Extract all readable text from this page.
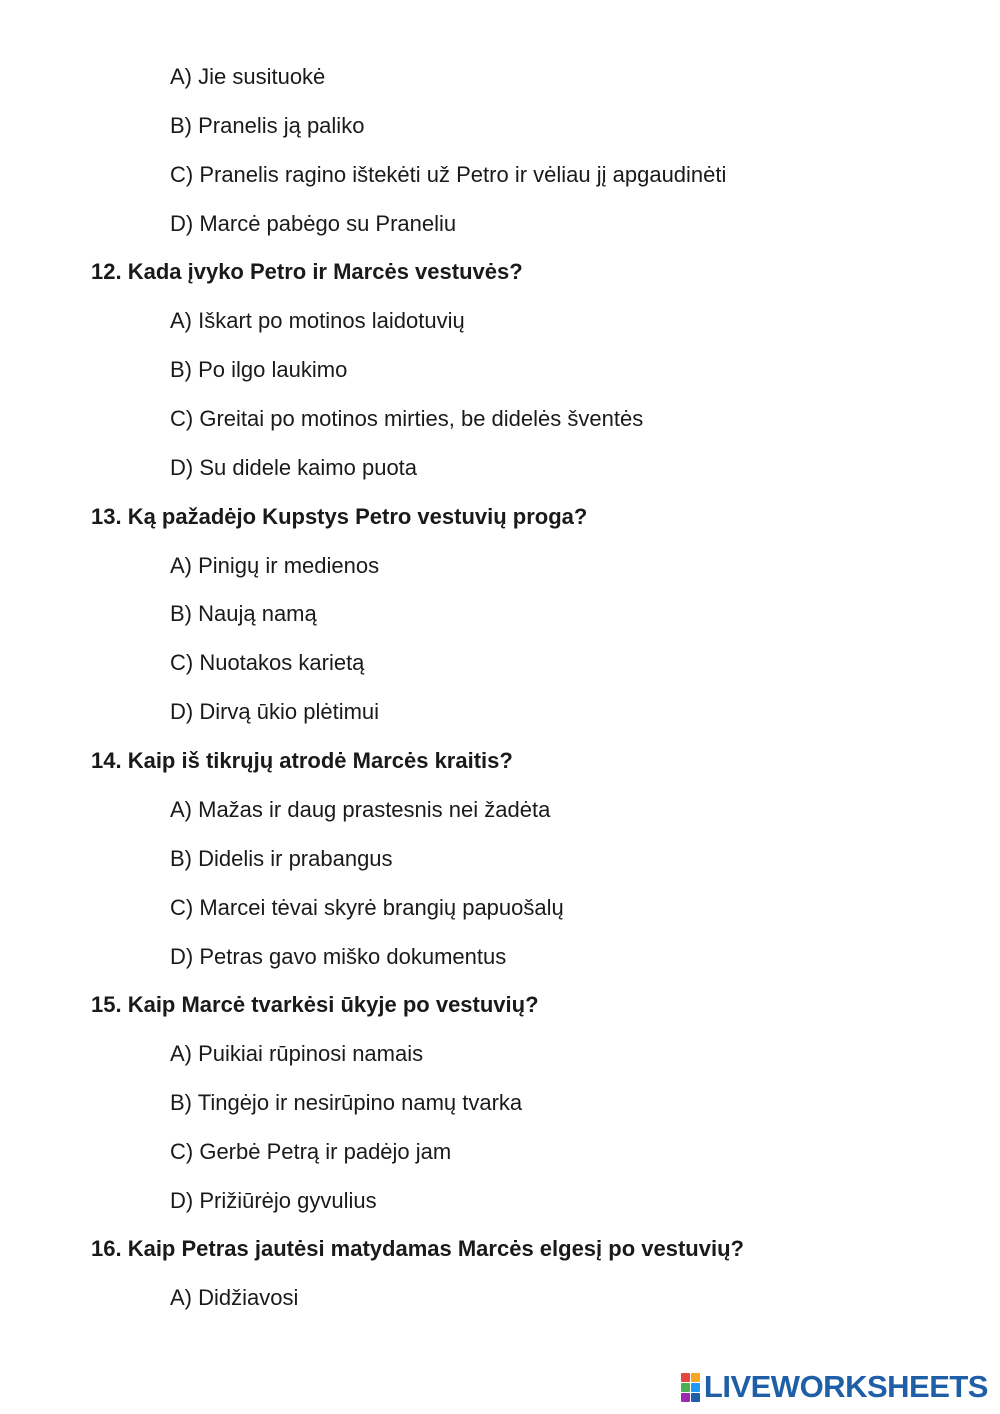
A) Jie susituokė
B) Pranelis ją paliko
C) Pranelis ragino ištekėti už Petro ir vėliau jį apgaudinėti
D) Marcė pabėgo su Praneliu
12. Kada įvyko Petro ir Marcės vestuvės?
A) Iškart po motinos laidotuvių
B) Po ilgo laukimo
C) Greitai po motinos mirties, be didelės šventės
D) Su didele kaimo puota
13. Ką pažadėjo Kupstys Petro vestuvių proga?
A) Pinigų ir medienos
B) Naują namą
C) Nuotakos karietą
D) Dirvą ūkio plėtimui
14. Kaip iš tikrųjų atrodė Marcės kraitis?
A) Mažas ir daug prastesnis nei žadėta
B) Didelis ir prabangus
C) Marcei tėvai skyrė brangių papuošalų
D) Petras gavo miško dokumentus
15. Kaip Marcė tvarkėsi ūkyje po vestuvių?
A) Puikiai rūpinosi namais
B) Tingėjo ir nesirūpino namų tvarka
C) Gerbė Petrą ir padėjo jam
D) Prižiūrėjo gyvulius
16. Kaip Petras jautėsi matydamas Marcės elgesį po vestuvių?
A) Didžiavosi
LIVEWORKSHEETS
